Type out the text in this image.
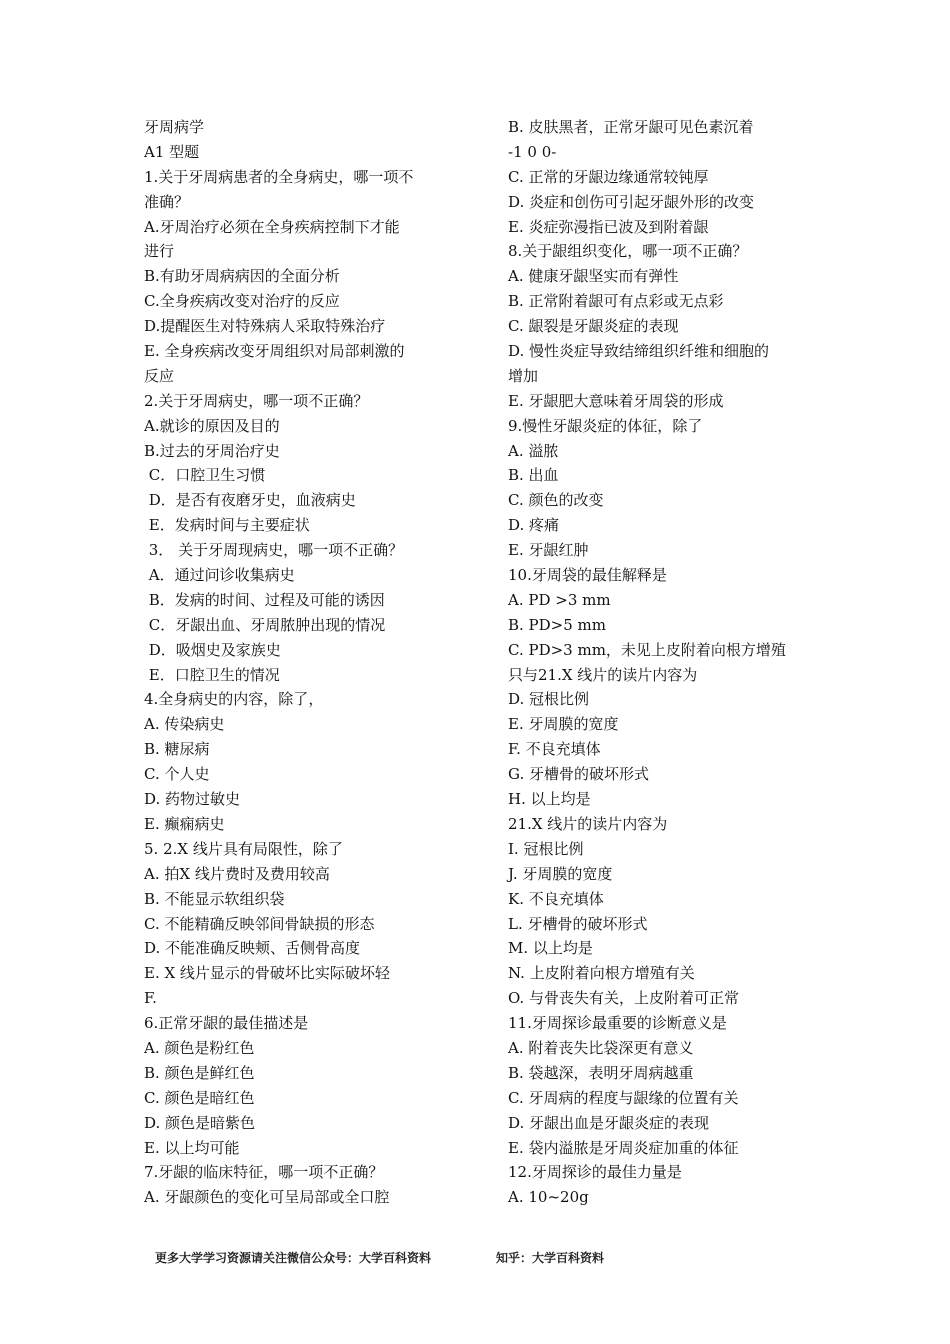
牙周病学
A1 型题
1.关于牙周病患者的全身病史，哪一项不
准确？
A.牙周治疗必须在全身疾病控制下才能
进行
B.有助牙周病病因的全面分析
C.全身疾病改变对治疗的反应
D.提醒医生对特殊病人采取特殊治疗
E. 全身疾病改变牙周组织对局部刺激的
反应
2.关于牙周病史，哪一项不正确？
A.就诊的原因及目的
B.过去的牙周治疗史
C．口腔卫生习惯
D．是否有夜磨牙史，血液病史
E．发病时间与主要症状
3． 关于牙周现病史，哪一项不正确？
A．通过问诊收集病史
B．发病的时间、过程及可能的诱因
C．牙龈出血、牙周脓肿出现的情况
D．吸烟史及家族史
E．口腔卫生的情况
4.全身病史的内容，除了，
A. 传染病史
B. 糖尿病
C. 个人史
D. 药物过敏史
E. 癫痫病史
5. 2.X 线片具有局限性，除了
A. 拍X 线片费时及费用较高
B. 不能显示软组织袋
C. 不能精确反映邻间骨缺损的形态
D. 不能准确反映颊、舌侧骨高度
E. X 线片显示的骨破坏比实际破坏轻
F.
6.正常牙龈的最佳描述是
A. 颜色是粉红色
B. 颜色是鲜红色
C. 颜色是暗红色
D. 颜色是暗紫色
E. 以上均可能
7.牙龈的临床特征，哪一项不正确？
A. 牙龈颜色的变化可呈局部或全口腔
B. 皮肤黑者，正常牙龈可见色素沉着
-1 0 0-
C. 正常的牙龈边缘通常较钝厚
D. 炎症和创伤可引起牙龈外形的改变
E. 炎症弥漫指已波及到附着龈
8.关于龈组织变化，哪一项不正确？
A. 健康牙龈坚实而有弹性
B. 正常附着龈可有点彩或无点彩
C. 龈裂是牙龈炎症的表现
D. 慢性炎症导致结缔组织纤维和细胞的
增加
E. 牙龈肥大意味着牙周袋的形成
9.慢性牙龈炎症的体征，除了
A. 溢脓
B. 出血
C. 颜色的改变
D. 疼痛
E. 牙龈红肿
10.牙周袋的最佳解释是
A. PD >3 mm
B. PD>5 mm
C. PD>3 mm，未见上皮附着向根方增殖
只与21.X 线片的读片内容为
D. 冠根比例
E. 牙周膜的宽度
F. 不良充填体
G. 牙槽骨的破坏形式
H. 以上均是
21.X 线片的读片内容为
I. 冠根比例
J. 牙周膜的宽度
K. 不良充填体
L. 牙槽骨的破坏形式
M. 以上均是
N. 上皮附着向根方增殖有关
O. 与骨丧失有关，上皮附着可正常
11.牙周探诊最重要的诊断意义是
A. 附着丧失比袋深更有意义
B. 袋越深，表明牙周病越重
C. 牙周病的程度与龈缘的位置有关
D. 牙龈出血是牙龈炎症的表现
E. 袋内溢脓是牙周炎症加重的体征
12.牙周探诊的最佳力量是
A. 10~20g
更多大学学习资源请关注微信公众号：大学百科资料	知乎：大学百科资料
